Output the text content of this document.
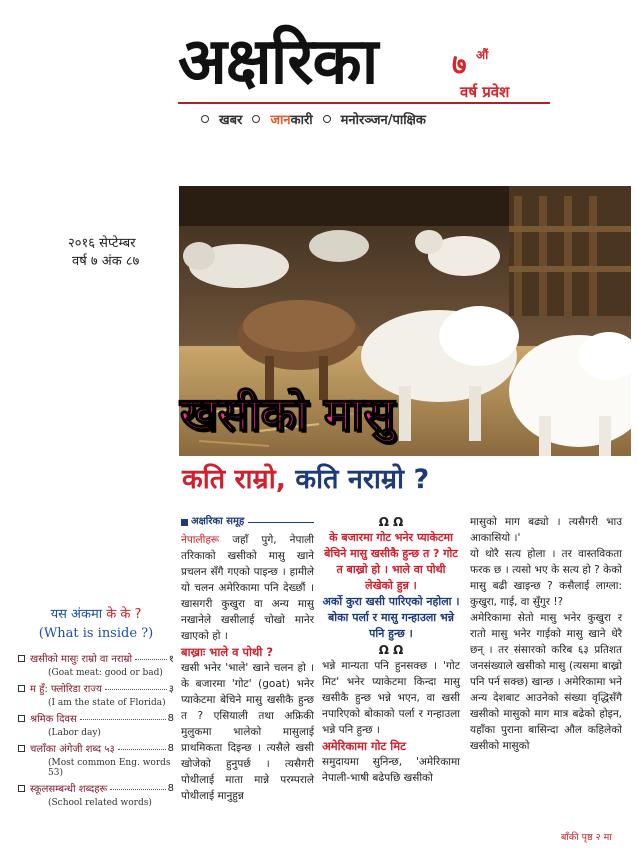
अक्षरिका	७ औं
वर्ष प्रवेश
खबर जानकारी मनोरञ्जन/पाक्षिक
२०१६ सेप्टेम्बर
वर्ष ७ अंक ८७
खसीको मासु
कति राम्रो, कति नराम्रो ?
यस अंकमा के के ?
(What is inside ?)
खसीको मासुः राम्रो वा नराम्रो	१
(Goat meat: good or bad)
म हुँ: फ्लोरिडा राज्य	३
(I am the state of Florida)
श्रमिक दिवस	8
(Labor day)
चलाँका अंगेजी शब्द ५३	8
(Most common Eng. words 53)
स्कूलसम्बन्धी शब्दहरू	8
(School related words)
अक्षरिका समूह
नेपालीहरू जहाँ पुगे, नेपाली तरिकाको खसीको मासु खाने प्रचलन सँगै गएको पाइन्छ । हामीले यो चलन अमेरिकामा पनि देख्छौं । खासगरी कुखुरा वा अन्य मासु नखानेले खसीलाई चोखो मानेर खाएको हो ।
बाख्राः भाले व पोथी ?
खसी भनेर 'भाले' खाने चलन हो । के बजारमा 'गोट' (goat) भनेर प्याकेटमा बेचिने मासु खसीकै हुन्छ त ? एसियाली तथा अफ्रिकी मुलुकमा भालेको मासुलाई प्राथमिकता दिइन्छ । त्यसैले खसी खोजेको हुनुपर्छ । त्यसैगरी पोथीलाई माता मान्ने परम्पराले पोथीलाई मानुहुन्न
Ω Ω
के बजारमा गोट भनेर प्याकेटमा बेचिने मासु खसीकै हुन्छ त ? गोट त बाख्रो हो । भाले वा पोथी लेखेको हुन्न ।
अर्को कुरा खसी पारिएको नहोला । बोका पर्ला र मासु गन्हाउला भन्ने पनि हुन्छ ।
Ω Ω
भन्ने मान्यता पनि हुनसक्छ । 'गोट मिट' भनेर प्याकेटमा किन्दा मासु खसीकै हुन्छ भन्ने भएन, वा खसी नपारिएको बोकाको पर्ला र गन्हाउला भन्ने पनि हुन्छ ।
अमेरिकामा गोट मिट
समुदायमा सुनिन्छ, 'अमेरिकामा नेपाली-भाषी बढेपछि खसीको
मासुको माग बढ्यो । त्यसैगरी भाउ आकासियो ।'
यो थोरै सत्य होला । तर वास्तविकता फरक छ । त्यसो भए के सत्य हो ? केको मासु बढी खाइन्छ ? कसैलाई लाग्ला: कुखुरा, गाई, वा सुँगुर !?
अमेरिकामा सेतो मासु भनेर कुखुरा र रातो मासु भनेर गाईको मासु खाने धेरै छन् । तर संसारको करिब ६३ प्रतिशत जनसंख्याले खसीको मासु (त्यसमा बाख्रो पनि पर्न सक्छ) खान्छ । अमेरिकामा भने अन्य देशबाट आउनेको संख्या वृद्धिसँगै खसीको मासुको माग मात्र बढेको होइन, यहाँका पुराना बासिन्दा औल कहिलेको खसीको मासुको
बाँकी पृष्ठ २ मा
